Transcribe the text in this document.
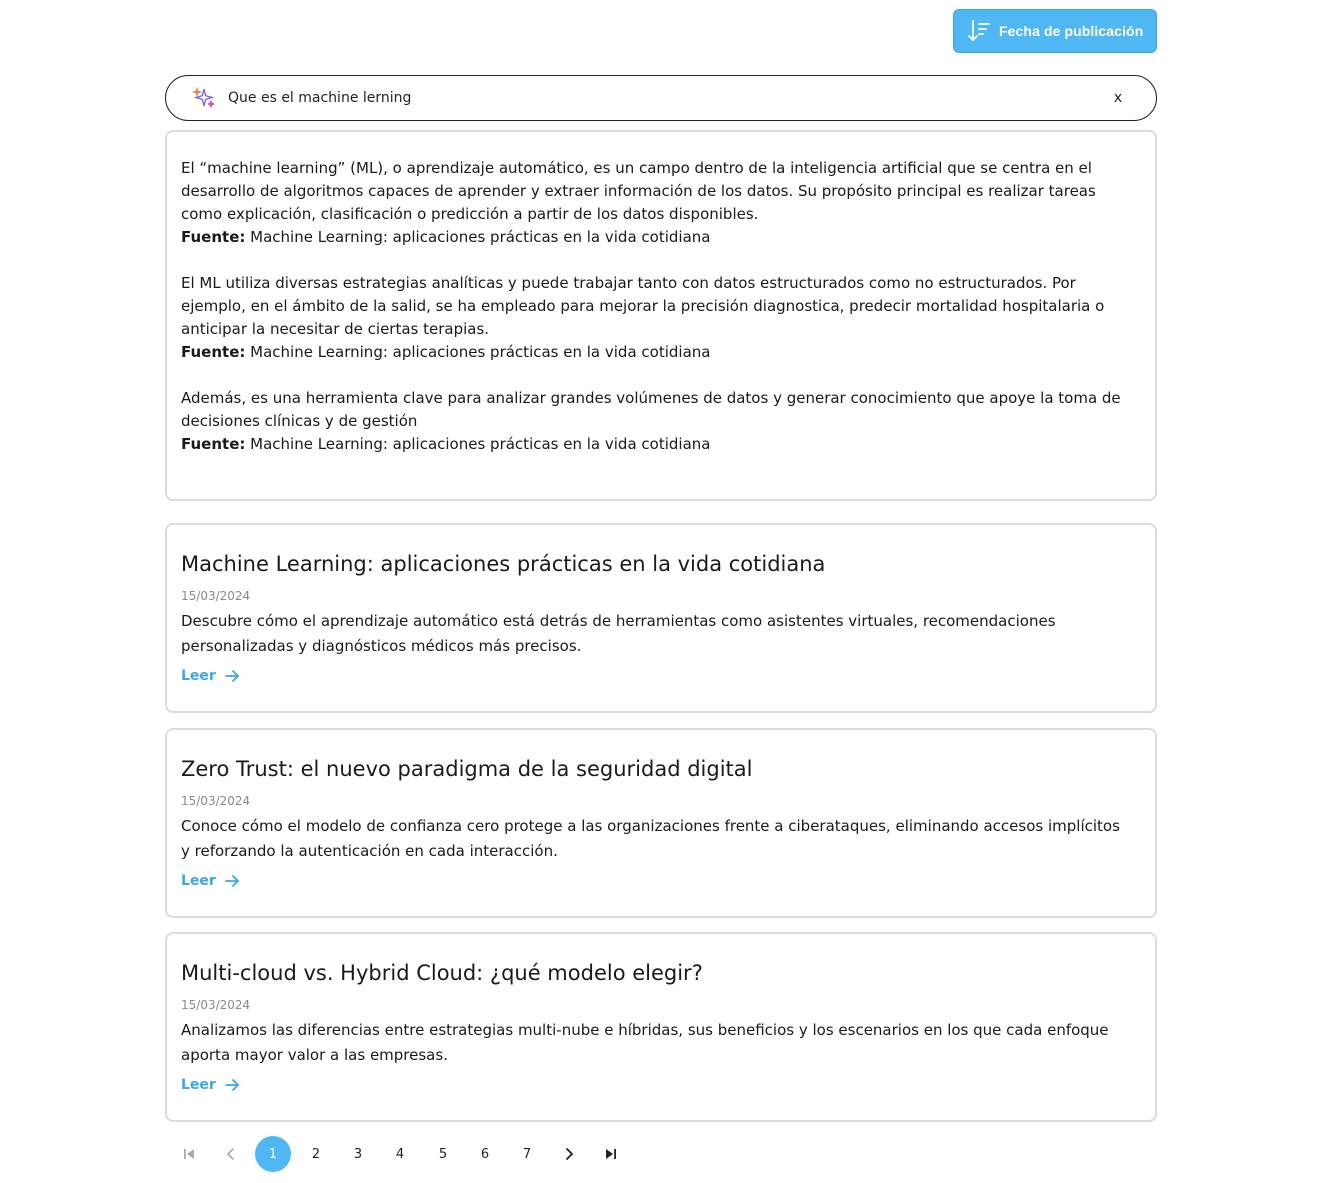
Fecha de publicación
Que es el machine lerning	x
El “machine learning” (ML), o aprendizaje automático, es un campo dentro de la inteligencia artificial que se centra en el desarrollo de algoritmos capaces de aprender y extraer información de los datos. Su propósito principal es realizar tareas como explicación, clasificación o predicción a partir de los datos disponibles.
Fuente: Machine Learning: aplicaciones prácticas en la vida cotidiana
El ML utiliza diversas estrategias analíticas y puede trabajar tanto con datos estructurados como no estructurados. Por ejemplo, en el ámbito de la salid, se ha empleado para mejorar la precisión diagnostica, predecir mortalidad hospitalaria o anticipar la necesitar de ciertas terapias.
Fuente: Machine Learning: aplicaciones prácticas en la vida cotidiana
Además, es una herramienta clave para analizar grandes volúmenes de datos y generar conocimiento que apoye la toma de decisiones clínicas y de gestión
Fuente: Machine Learning: aplicaciones prácticas en la vida cotidiana
Machine Learning: aplicaciones prácticas en la vida cotidiana
15/03/2024
Descubre cómo el aprendizaje automático está detrás de herramientas como asistentes virtuales, recomendaciones personalizadas y diagnósticos médicos más precisos.
Leer
Zero Trust: el nuevo paradigma de la seguridad digital
15/03/2024
Conoce cómo el modelo de confianza cero protege a las organizaciones frente a ciberataques, eliminando accesos implícitos y reforzando la autenticación en cada interacción.
Leer
Multi-cloud vs. Hybrid Cloud: ¿qué modelo elegir?
15/03/2024
Analizamos las diferencias entre estrategias multi-nube e híbridas, sus beneficios y los escenarios en los que cada enfoque aporta mayor valor a las empresas.
Leer
1	2	3	4	5	6	7
